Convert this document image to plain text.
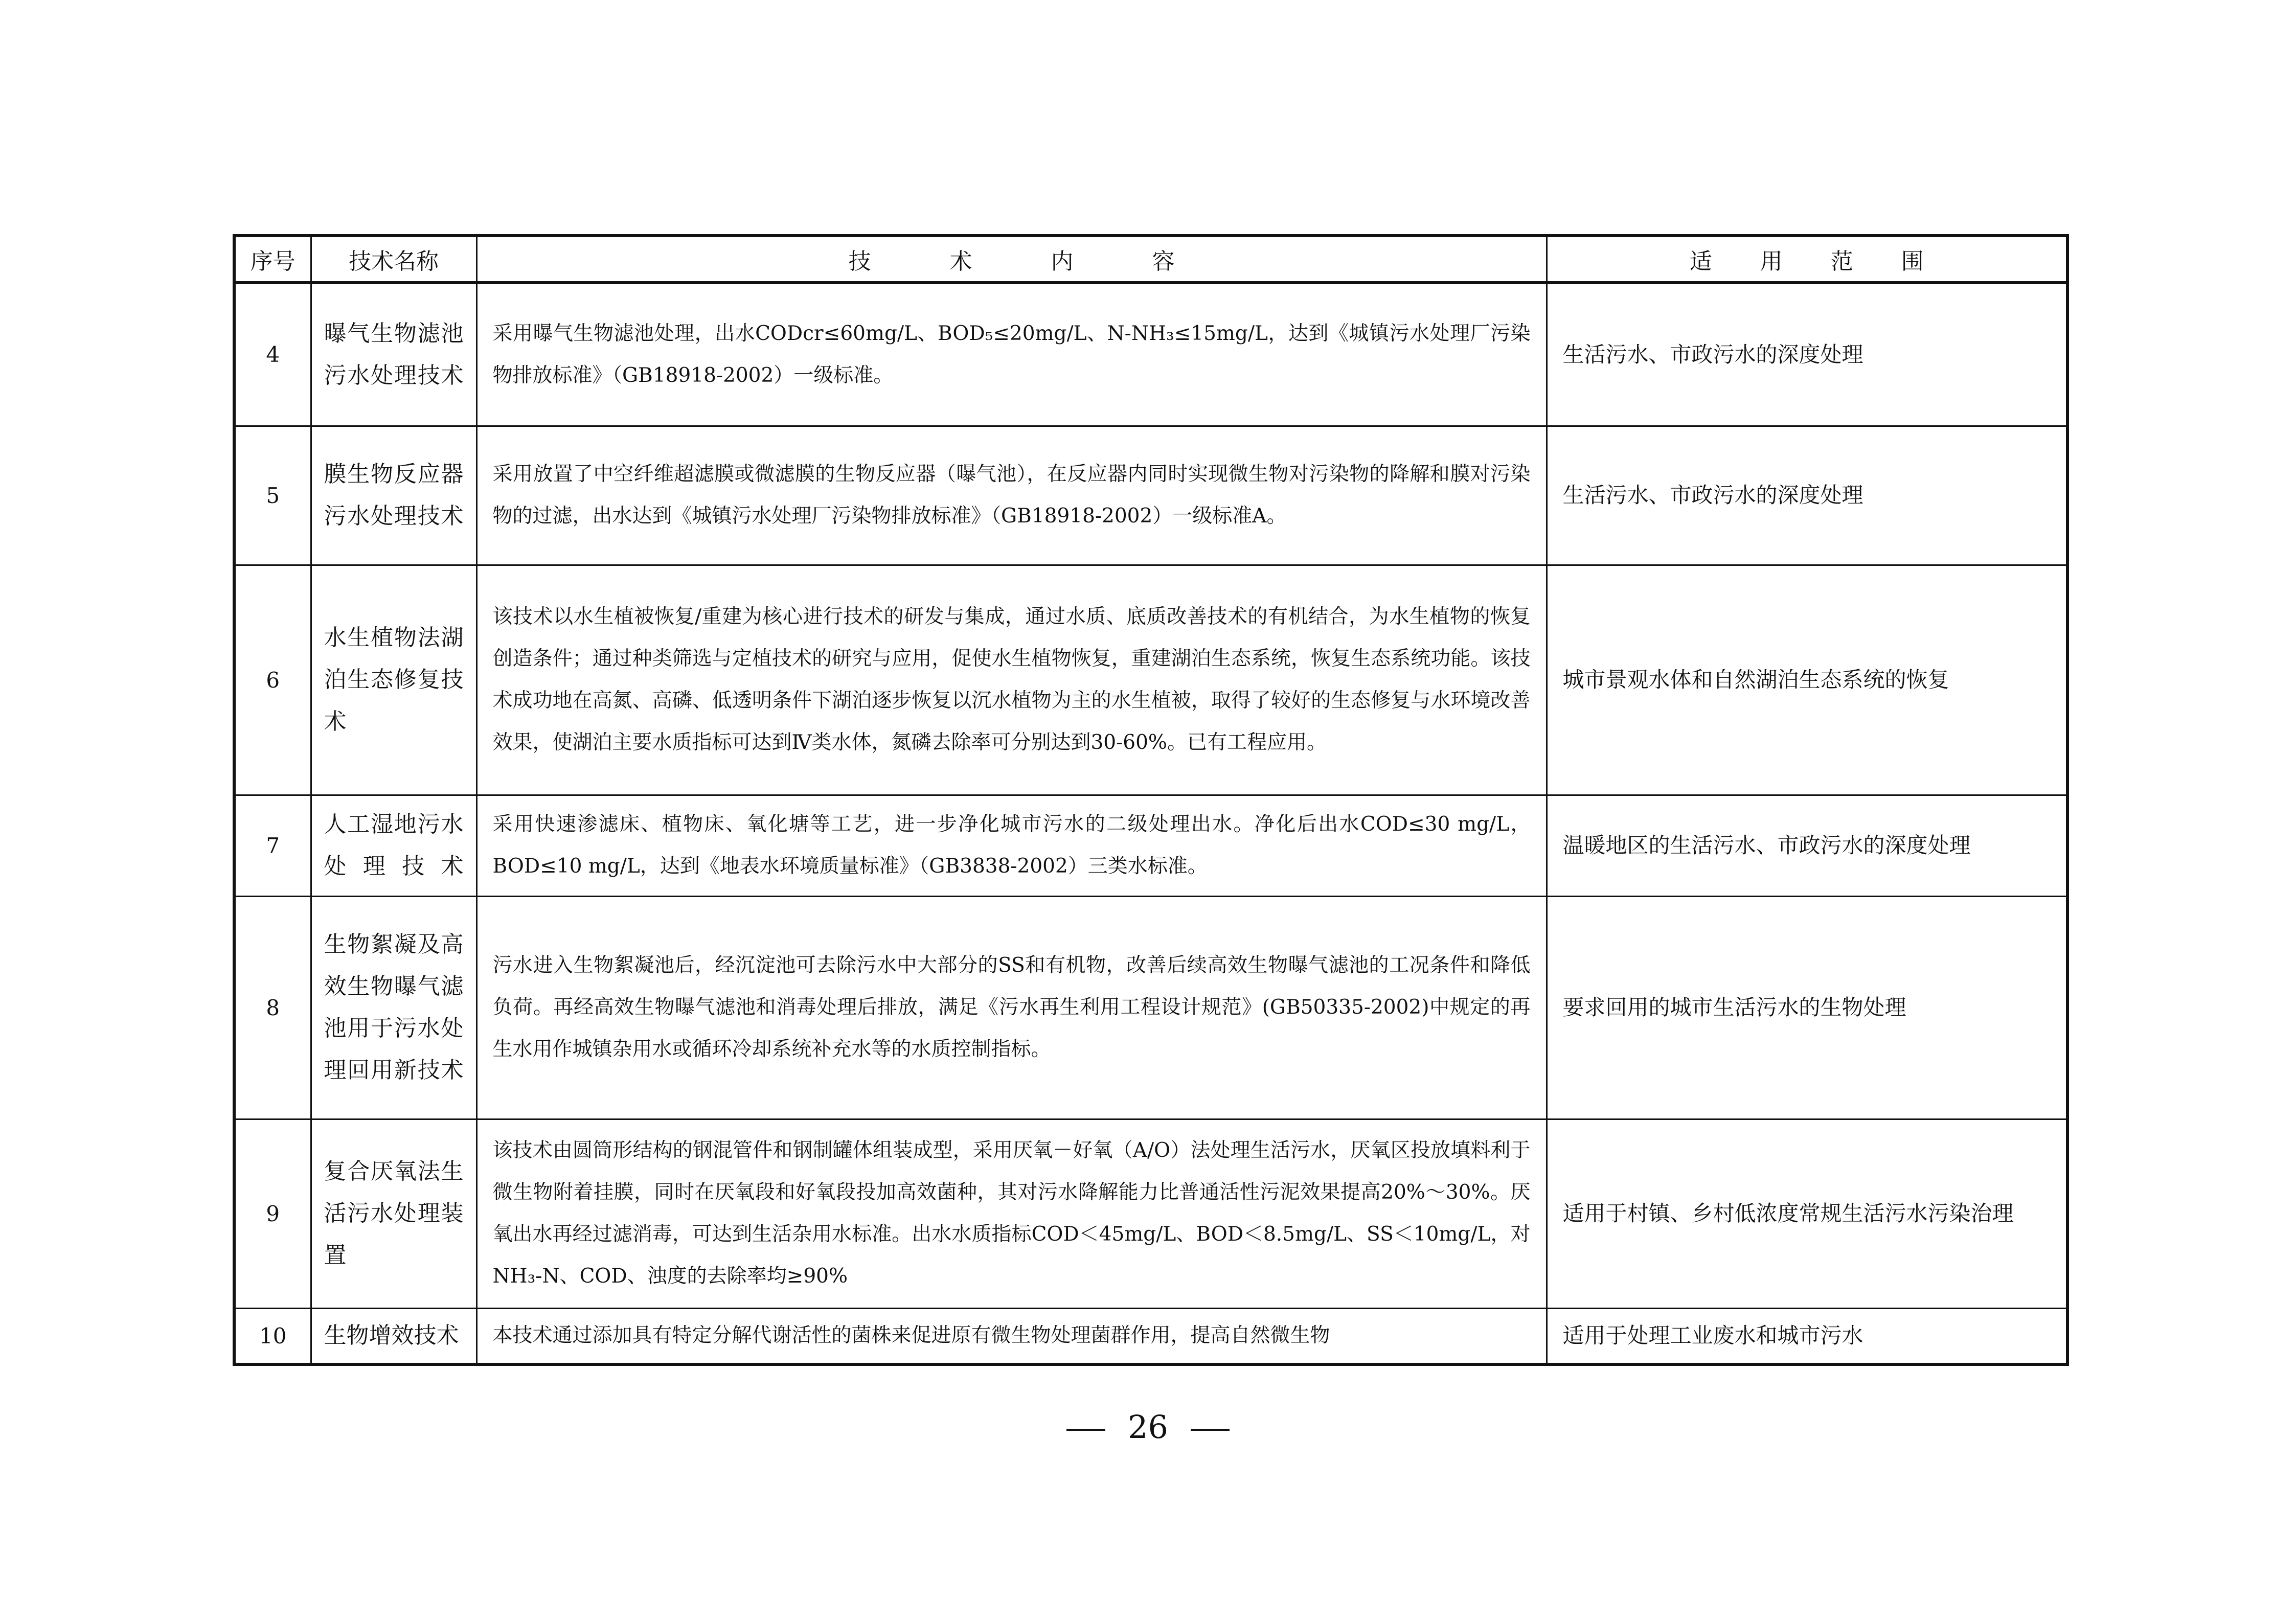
序号	技术名称	技 术 内 容	适 用 范 围
4	曝气生物滤池污水处理技术	采用曝气生物滤池处理，出水CODcr≤60mg/L、BOD₅≤20mg/L、N-NH₃≤15mg/L，达到《城镇污水处理厂污染物排放标准》（GB18918-2002）一级标准。	生活污水、市政污水的深度处理
5	膜生物反应器污水处理技术	采用放置了中空纤维超滤膜或微滤膜的生物反应器（曝气池），在反应器内同时实现微生物对污染物的降解和膜对污染物的过滤，出水达到《城镇污水处理厂污染物排放标准》（GB18918-2002）一级标准A。	生活污水、市政污水的深度处理
6	水生植物法湖泊生态修复技术	该技术以水生植被恢复/重建为核心进行技术的研发与集成，通过水质、底质改善技术的有机结合，为水生植物的恢复创造条件；通过种类筛选与定植技术的研究与应用，促使水生植物恢复，重建湖泊生态系统，恢复生态系统功能。该技术成功地在高氮、高磷、低透明条件下湖泊逐步恢复以沉水植物为主的水生植被，取得了较好的生态修复与水环境改善效果，使湖泊主要水质指标可达到Ⅳ类水体，氮磷去除率可分别达到30-60%。已有工程应用。	城市景观水体和自然湖泊生态系统的恢复
7	人工湿地污水处理技术	采用快速渗滤床、植物床、氧化塘等工艺，进一步净化城市污水的二级处理出水。净化后出水COD≤30 mg/L，BOD≤10 mg/L，达到《地表水环境质量标准》（GB3838-2002）三类水标准。	温暖地区的生活污水、市政污水的深度处理
8	生物絮凝及高效生物曝气滤池用于污水处理回用新技术	污水进入生物絮凝池后，经沉淀池可去除污水中大部分的SS和有机物，改善后续高效生物曝气滤池的工况条件和降低负荷。再经高效生物曝气滤池和消毒处理后排放，满足《污水再生利用工程设计规范》(GB50335-2002)中规定的再生水用作城镇杂用水或循环冷却系统补充水等的水质控制指标。	要求回用的城市生活污水的生物处理
9	复合厌氧法生活污水处理装置	该技术由圆筒形结构的钢混管件和钢制罐体组装成型，采用厌氧－好氧（A/O）法处理生活污水，厌氧区投放填料利于微生物附着挂膜，同时在厌氧段和好氧段投加高效菌种，其对污水降解能力比普通活性污泥效果提高20%～30%。厌氧出水再经过滤消毒，可达到生活杂用水标准。出水水质指标COD＜45mg/L、BOD＜8.5mg/L、SS＜10mg/L，对NH₃-N、COD、浊度的去除率均≥90%	适用于村镇、乡村低浓度常规生活污水污染治理
10	生物增效技术	本技术通过添加具有特定分解代谢活性的菌株来促进原有微生物处理菌群作用，提高自然微生物	适用于处理工业废水和城市污水
26
